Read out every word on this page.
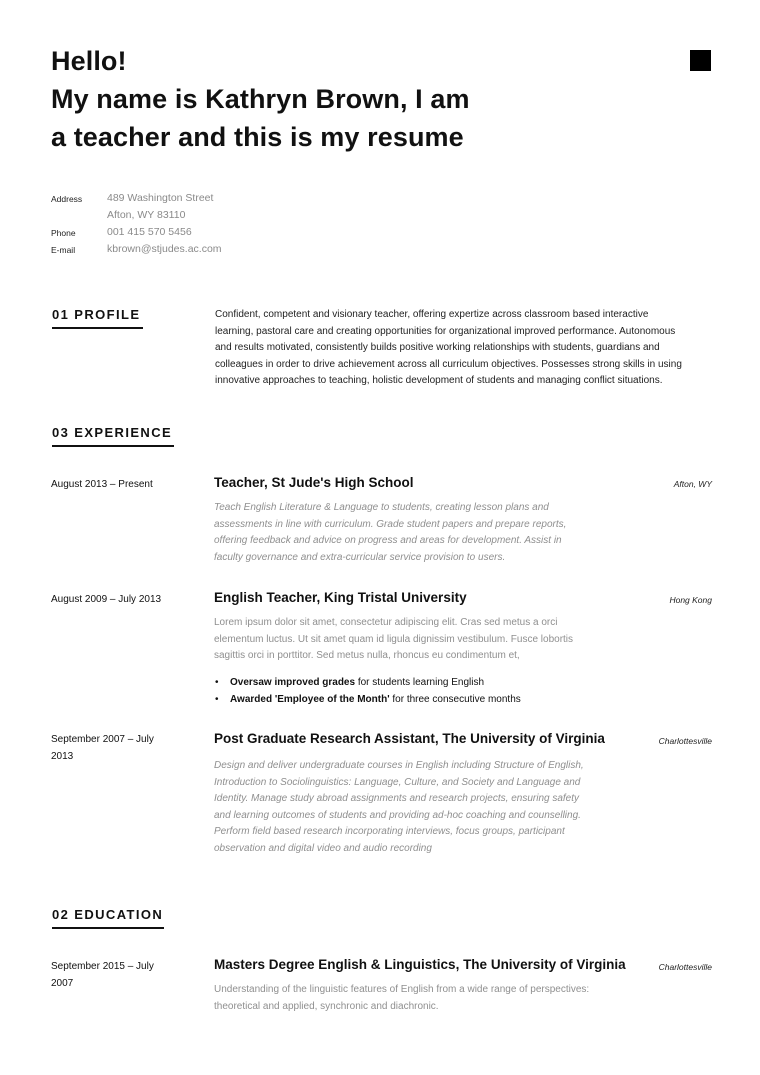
Hello!
My name is Kathryn Brown, I am
a teacher and this is my resume
Address 489 Washington Street
Afton, WY 83110
Phone	001 415 570 5456
E-mail	kbrown@stjudes.ac.com
01 PROFILE	Confident, competent and visionary teacher, offering expertize across classroom based interactive
learning, pastoral care and creating opportunities for organizational improved performance. Autonomous
and results motivated, consistently builds positive working relationships with students, guardians and
colleagues in order to drive achievement across all curriculum objectives. Possesses strong skills in using
innovative approaches to teaching, holistic development of students and managing conflict situations.
03 EXPERIENCE
August 2013 – Present	Teacher, St Jude's High School	Afton, WY
Teach English Literature & Language to students, creating lesson plans and
assessments in line with curriculum. Grade student papers and prepare reports,
offering feedback and advice on progress and areas for development. Assist in
faculty governance and extra-curricular service provision to users.
August 2009 – July 2013	English Teacher, King Tristal University	Hong Kong
Lorem ipsum dolor sit amet, consectetur adipiscing elit. Cras sed metus a orci
elementum luctus. Ut sit amet quam id ligula dignissim vestibulum. Fusce lobortis
sagittis orci in porttitor. Sed metus nulla, rhoncus eu condimentum et,
• Oversaw improved grades for students learning English
• Awarded 'Employee of the Month' for three consecutive months
September 2007 – July
2013
Post Graduate Research Assistant, The University of Virginia	Charlottesville
Design and deliver undergraduate courses in English including Structure of English,
Introduction to Sociolinguistics: Language, Culture, and Society and Language and
Identity. Manage study abroad assignments and research projects, ensuring safety
and learning outcomes of students and providing ad-hoc coaching and counselling.
Perform field based research incorporating interviews, focus groups, participant
observation and digital video and audio recording
02 EDUCATION
September 2015 – July
2007
Masters Degree English & Linguistics, The University of Virginia	Charlottesville
Understanding of the linguistic features of English from a wide range of perspectives:
theoretical and applied, synchronic and diachronic.
